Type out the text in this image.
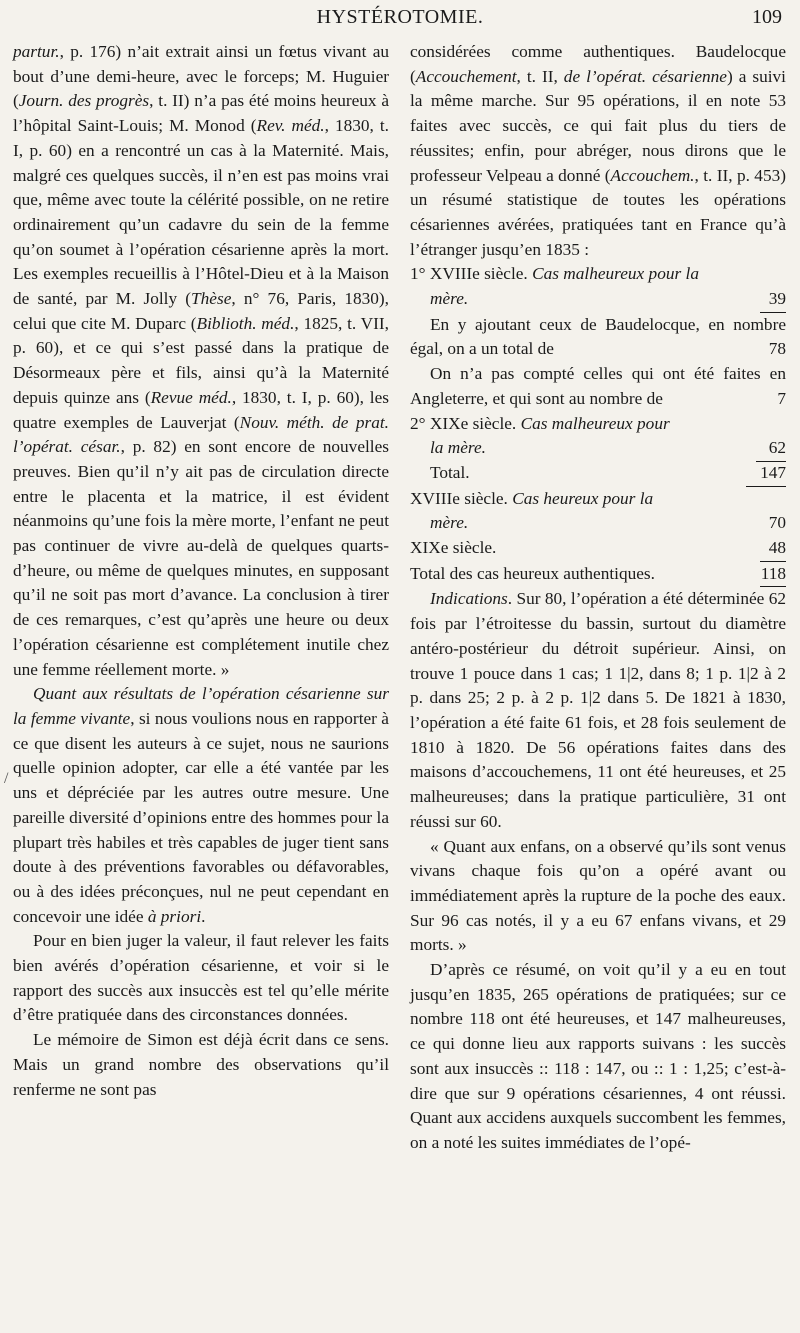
HYSTÉROTOMIE.	109
/

partur., p. 176) n’ait extrait ainsi un fœtus vivant au bout d’une demi-heure, avec le forceps; M. Huguier (Journ. des progrès, t. II) n’a pas été moins heureux à l’hôpital Saint-Louis; M. Monod (Rev. méd., 1830, t. I, p. 60) en a rencontré un cas à la Maternité. Mais, malgré ces quelques succès, il n’en est pas moins vrai que, même avec toute la célérité possible, on ne retire ordinairement qu’un cadavre du sein de la femme qu’on soumet à l’opération césarienne après la mort. Les exemples recueillis à l’Hôtel-Dieu et à la Maison de santé, par M. Jolly (Thèse, n° 76, Paris, 1830), celui que cite M. Duparc (Biblioth. méd., 1825, t. VII, p. 60), et ce qui s’est passé dans la pratique de Désormeaux père et fils, ainsi qu’à la Maternité depuis quinze ans (Revue méd., 1830, t. I, p. 60), les quatre exemples de Lauverjat (Nouv. méth. de prat. l’opérat. césar., p. 82) en sont encore de nouvelles preuves. Bien qu’il n’y ait pas de circulation directe entre le placenta et la matrice, il est évident néanmoins qu’une fois la mère morte, l’enfant ne peut pas continuer de vivre au-delà de quelques quarts-d’heure, ou même de quelques minutes, en supposant qu’il ne soit pas mort d’avance. La conclusion à tirer de ces remarques, c’est qu’après une heure ou deux l’opération césarienne est complétement inutile chez une femme réellement morte. »

Quant aux résultats de l’opération césarienne sur la femme vivante, si nous voulions nous en rapporter à ce que disent les auteurs à ce sujet, nous ne saurions quelle opinion adopter, car elle a été vantée par les uns et dépréciée par les autres outre mesure. Une pareille diversité d’opinions entre des hommes pour la plupart très habiles et très capables de juger tient sans doute à des préventions favorables ou défavorables, ou à des idées préconçues, nul ne peut cependant en concevoir une idée à priori.

Pour en bien juger la valeur, il faut relever les faits bien avérés d’opération césarienne, et voir si le rapport des succès aux insuccès est tel qu’elle mérite d’être pratiquée dans des circonstances données.

Le mémoire de Simon est déjà écrit dans ce sens. Mais un grand nombre des observations qu’il renferme ne sont pas

considérées comme authentiques. Baudelocque (Accouchement, t. II, de l’opérat. césarienne) a suivi la même marche. Sur 95 opérations, il en note 53 faites avec succès, ce qui fait plus du tiers de réussites; enfin, pour abréger, nous dirons que le professeur Velpeau a donné (Accouchem., t. II, p. 453) un résumé statistique de toutes les opérations césariennes avérées, pratiquées tant en France qu’à l’étranger jusqu’en 1835 :

1° XVIIIe siècle. Cas malheureux pour la
mère.	39

En y ajoutant ceux de Baudelocque, en nombre égal, on a un total de	78

On n’a pas compté celles qui ont été faites en Angleterre, et qui sont au nombre de	7

2° XIXe siècle. Cas malheureux pour
la mère.	62
Total.	147
XVIIIe siècle. Cas heureux pour la
mère.	70
XIXe siècle.	48
Total des cas heureux authentiques.	118

Indications. Sur 80, l’opération a été déterminée 62 fois par l’étroitesse du bassin, surtout du diamètre antéro-postérieur du détroit supérieur. Ainsi, on trouve 1 pouce dans 1 cas; 1 1|2, dans 8; 1 p. 1|2 à 2 p. dans 25; 2 p. à 2 p. 1|2 dans 5. De 1821 à 1830, l’opération a été faite 61 fois, et 28 fois seulement de 1810 à 1820. De 56 opérations faites dans des maisons d’accouchemens, 11 ont été heureuses, et 25 malheureuses; dans la pratique particulière, 31 ont réussi sur 60.

« Quant aux enfans, on a observé qu’ils sont venus vivans chaque fois qu’on a opéré avant ou immédiatement après la rupture de la poche des eaux. Sur 96 cas notés, il y a eu 67 enfans vivans, et 29 morts. »

D’après ce résumé, on voit qu’il y a eu en tout jusqu’en 1835, 265 opérations de pratiquées; sur ce nombre 118 ont été heureuses, et 147 malheureuses, ce qui donne lieu aux rapports suivans : les succès sont aux insuccès :: 118 : 147, ou :: 1 : 1,25; c’est-à-dire que sur 9 opérations césariennes, 4 ont réussi. Quant aux accidens auxquels succombent les femmes, on a noté les suites immédiates de l’opé-
